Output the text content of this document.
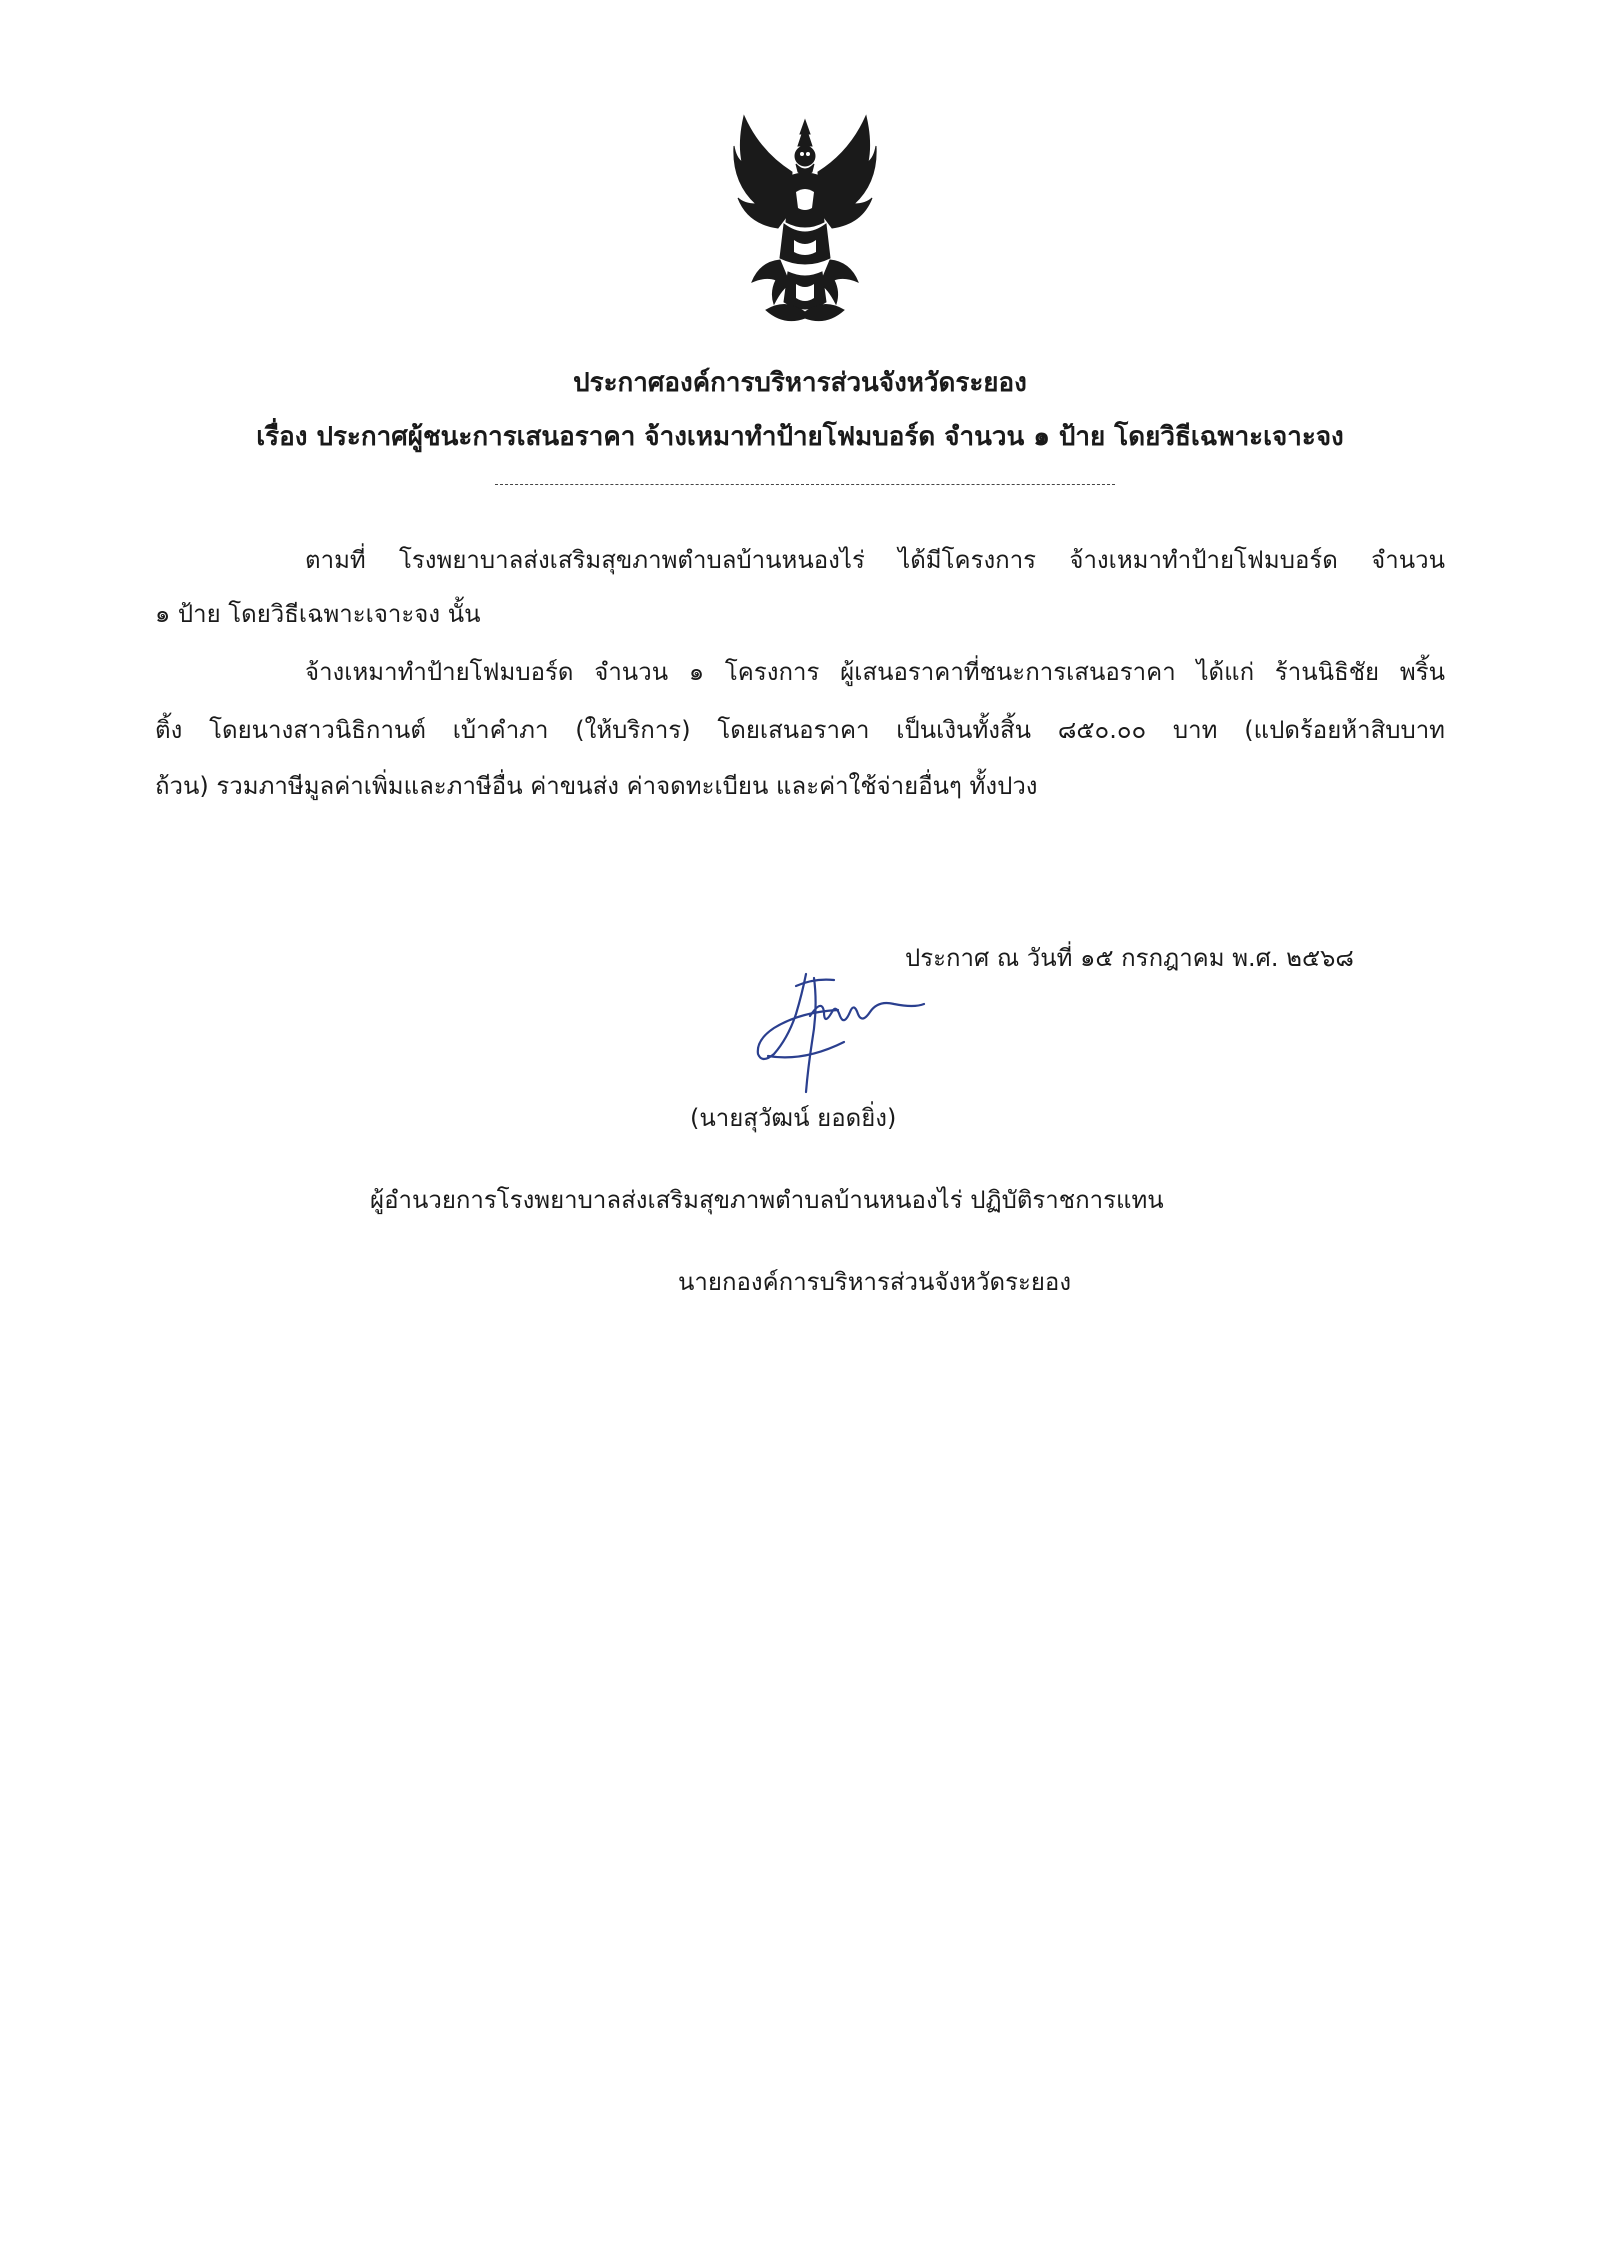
ประกาศองค์การบริหารส่วนจังหวัดระยอง
เรื่อง ประกาศผู้ชนะการเสนอราคา จ้างเหมาทำป้ายโฟมบอร์ด จำนวน ๑ ป้าย โดยวิธีเฉพาะเจาะจง
ตามที่ โรงพยาบาลส่งเสริมสุขภาพตำบลบ้านหนองไร่ ได้มีโครงการ จ้างเหมาทำป้ายโฟมบอร์ด จำนวน
๑ ป้าย โดยวิธีเฉพาะเจาะจง นั้น
จ้างเหมาทำป้ายโฟมบอร์ด จำนวน ๑ โครงการ ผู้เสนอราคาที่ชนะการเสนอราคา ได้แก่ ร้านนิธิชัย พริ้น
ติ้ง โดยนางสาวนิธิกานต์ เบ้าคำภา (ให้บริการ) โดยเสนอราคา เป็นเงินทั้งสิ้น ๘๕๐.๐๐ บาท (แปดร้อยห้าสิบบาท
ถ้วน) รวมภาษีมูลค่าเพิ่มและภาษีอื่น ค่าขนส่ง ค่าจดทะเบียน และค่าใช้จ่ายอื่นๆ ทั้งปวง
ประกาศ ณ วันที่ ๑๕ กรกฎาคม พ.ศ. ๒๕๖๘
(นายสุวัฒน์ ยอดยิ่ง)
ผู้อำนวยการโรงพยาบาลส่งเสริมสุขภาพตำบลบ้านหนองไร่ ปฏิบัติราชการแทน
นายกองค์การบริหารส่วนจังหวัดระยอง
